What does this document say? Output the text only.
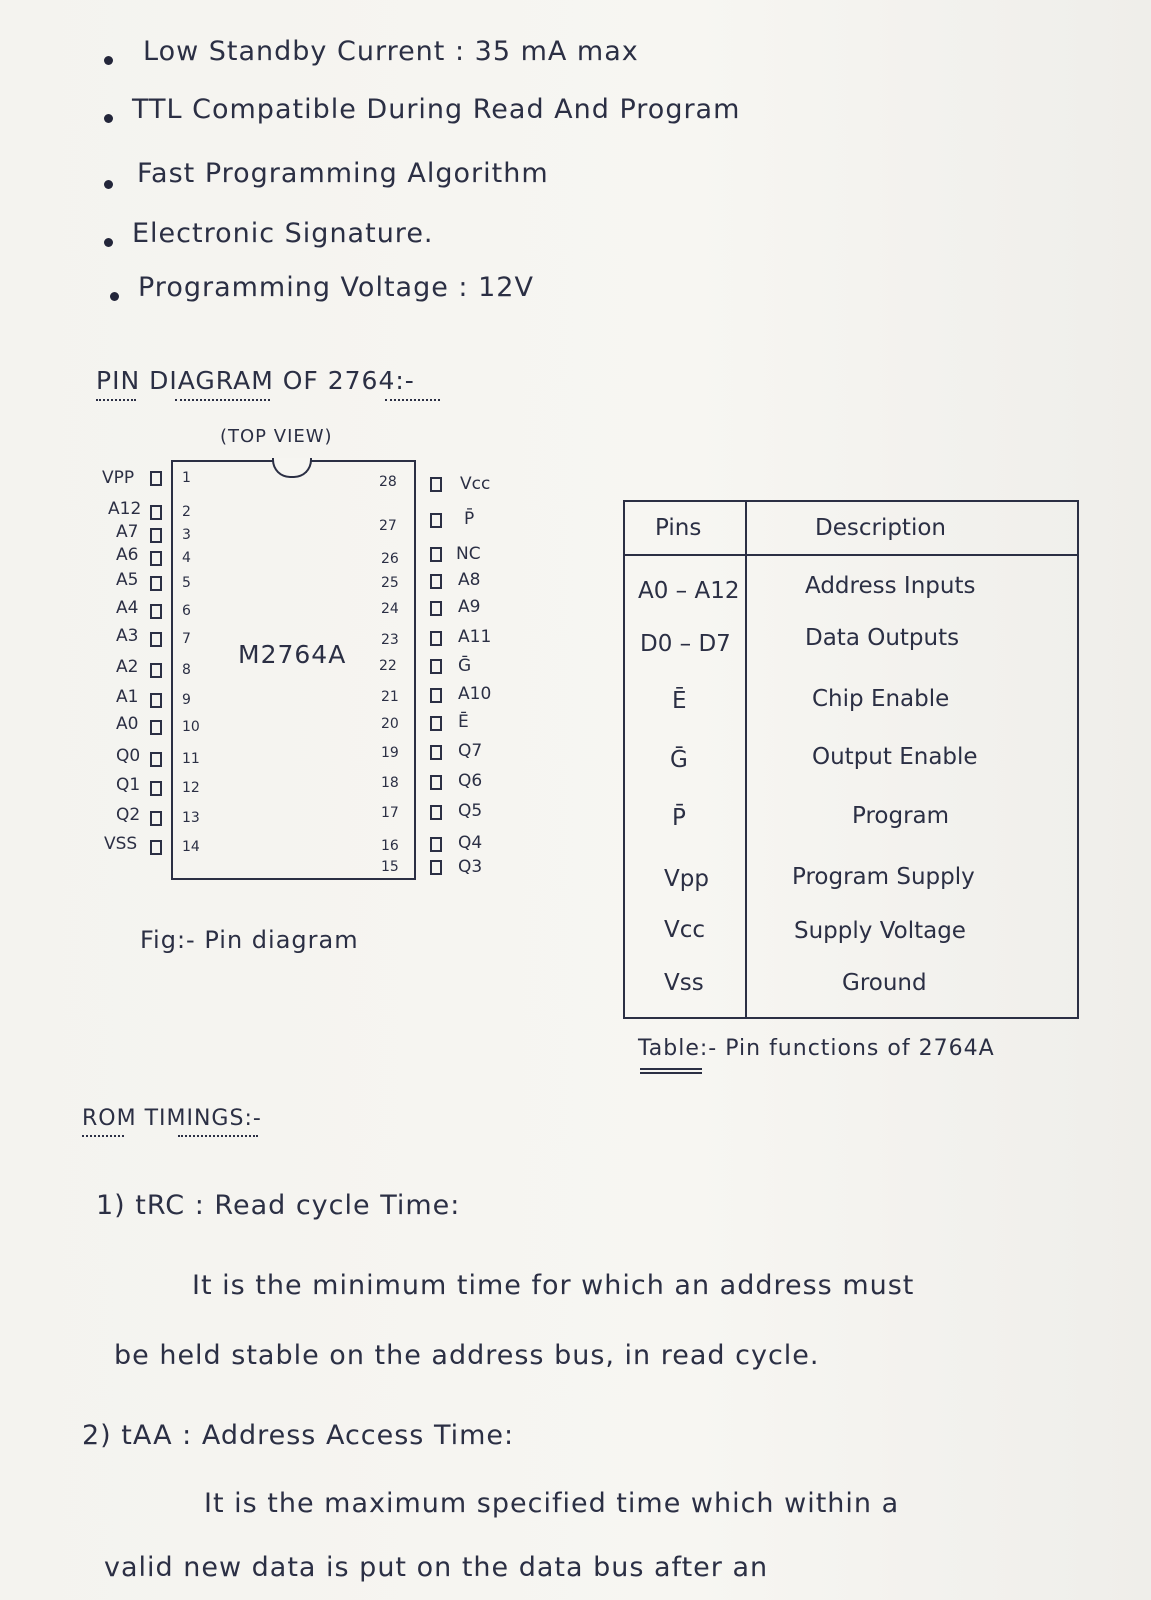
Low Standby Current : 35 mA max
TTL Compatible During Read And Program
Fast Programming Algorithm
Electronic Signature.
Programming Voltage : 12V
PIN DIAGRAM OF 2764:-
(TOP VIEW)
M2764A
VPP	1
A12	2
A7	3
A6	4
A5	5
A4	6
A3	7
A2	8
A1	9
A0	10
Q0	11
Q1	12
Q2	13
VSS	14
28	Vcc
27	P̄
26	NC
25	A8
24	A9
23	A11
22	Ḡ
21	A10
20	Ē
19	Q7
18	Q6
17	Q5
16	Q4
15	Q3
Fig:- Pin diagram
Pins	Description
A0 – A12	Address Inputs
D0 – D7	Data Outputs
Ē	Chip Enable
Ḡ	Output Enable
P̄	Program
Vpp	Program Supply
Vcc	Supply Voltage
Vss	Ground
Table:- Pin functions of 2764A
ROM TIMINGS:-
1) tRC : Read cycle Time:
It is the minimum time for which an address must
be held stable on the address bus, in read cycle.
2) tAA : Address Access Time:
It is the maximum specified time which within a
valid new data is put on the data bus after an
